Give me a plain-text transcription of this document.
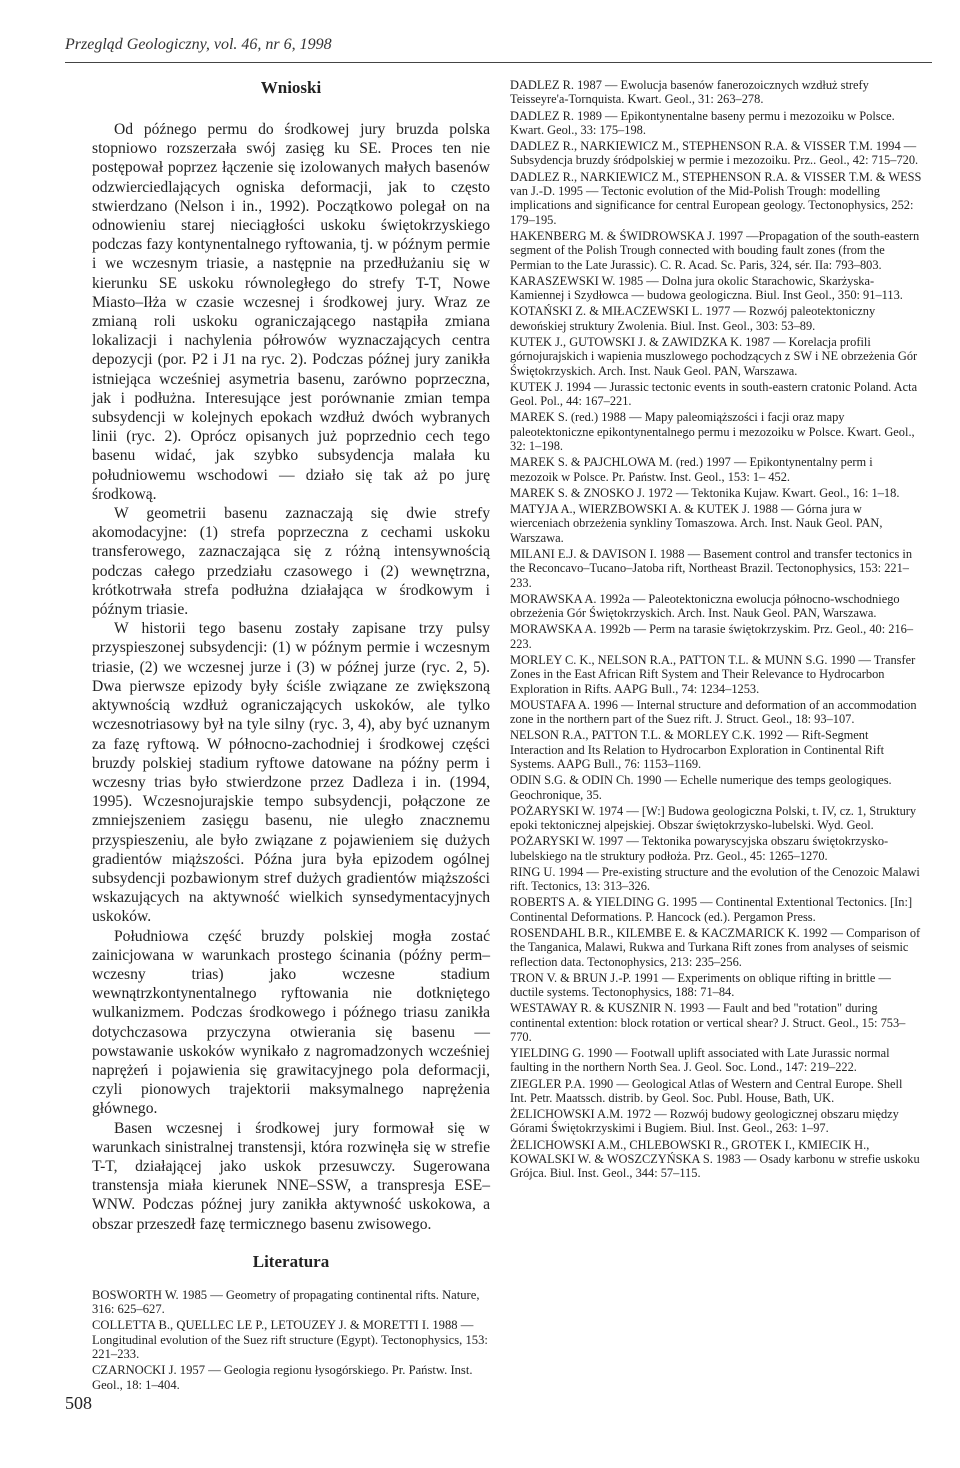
Przegląd Geologiczny, vol. 46, nr 6, 1998
Wnioski

Od późnego permu do środkowej jury bruzda polska stopniowo rozszerzała swój zasięg ku SE. Proces ten nie postępował poprzez łączenie się izolowanych małych basenów odzwierciedlających ogniska deformacji, jak to często stwierdzano (Nelson i in., 1992). Początkowo polegał on na odnowieniu starej nieciągłości uskoku świętokrzyskiego podczas fazy kontynentalnego ryftowania, tj. w późnym permie i we wczesnym triasie, a następnie na przedłużaniu się w kierunku SE uskoku równoległego do strefy T-T, Nowe Miasto–Iłża w czasie wczesnej i środkowej jury. Wraz ze zmianą roli uskoku ograniczającego nastąpiła zmiana lokalizacji i nachylenia półrowów wyznaczających centra depozycji (por. P2 i J1 na ryc. 2). Podczas późnej jury zanikła istniejąca wcześniej asymetria basenu, zarówno poprzeczna, jak i podłużna. Interesujące jest porównanie zmian tempa subsydencji w kolejnych epokach wzdłuż dwóch wybranych linii (ryc. 2). Oprócz opisanych już poprzednio cech tego basenu widać, jak szybko subsydencja malała ku południowemu wschodowi — działo się tak aż po jurę środkową.

W geometrii basenu zaznaczają się dwie strefy akomodacyjne: (1) strefa poprzeczna z cechami uskoku transferowego, zaznaczająca się z różną intensywnością podczas całego przedziału czasowego i (2) wewnętrzna, krótkotrwała strefa podłużna działająca w środkowym i późnym triasie.

W historii tego basenu zostały zapisane trzy pulsy przyspieszonej subsydencji: (1) w późnym permie i wczesnym triasie, (2) we wczesnej jurze i (3) w późnej jurze (ryc. 2, 5). Dwa pierwsze epizody były ściśle związane ze zwiększoną aktywnością wzdłuż ograniczających uskoków, ale tylko wczesnotriasowy był na tyle silny (ryc. 3, 4), aby być uznanym za fazę ryftową. W północno-zachodniej i środkowej części bruzdy polskiej stadium ryftowe datowane na późny perm i wczesny trias było stwierdzone przez Dadleza i in. (1994, 1995). Wczesnojurajskie tempo subsydencji, połączone ze zmniejszeniem zasięgu basenu, nie uległo znacznemu przyspieszeniu, ale było związane z pojawieniem się dużych gradientów miąższości. Późna jura była epizodem ogólnej subsydencji pozbawionym stref dużych gradientów miąższości wskazujących na aktywność wielkich synsedymentacyjnych uskoków.

Południowa część bruzdy polskiej mogła zostać zainicjowana w warunkach prostego ścinania (późny perm– wczesny trias) jako wczesne stadium wewnątrzkontynentalnego ryftowania nie dotkniętego wulkanizmem. Podczas środkowego i późnego triasu zanikła dotychczasowa przyczyna otwierania się basenu — powstawanie uskoków wynikało z nagromadzonych wcześniej naprężeń i pojawienia się grawitacyjnego pola deformacji, czyli pionowych trajektorii maksymalnego naprężenia głównego.

Basen wczesnej i środkowej jury formował się w warunkach sinistralnej transtensji, która rozwinęła się w strefie T-T, działającej jako uskok przesuwczy. Sugerowana transtensja miała kierunek NNE–SSW, a transpresja ESE–WNW. Podczas późnej jury zanikła aktywność uskokowa, a obszar przeszedł fazę termicznego basenu zwisowego.

Literatura

BOSWORTH W. 1985 — Geometry of propagating continental rifts. Nature, 316: 625–627.

COLLETTA B., QUELLEC LE P., LETOUZEY J. & MORETTI I. 1988 — Longitudinal evolution of the Suez rift structure (Egypt). Tectonophysics, 153: 221–233.

CZARNOCKI J. 1957 — Geologia regionu łysogórskiego. Pr. Państw. Inst. Geol., 18: 1–404.

DADLEZ R. 1987 — Ewolucja basenów fanerozoicznych wzdłuż strefy Teisseyre'a-Tornquista. Kwart. Geol., 31: 263–278.

DADLEZ R. 1989 — Epikontynentalne baseny permu i mezozoiku w Polsce. Kwart. Geol., 33: 175–198.

DADLEZ R., NARKIEWICZ M., STEPHENSON R.A. & VISSER T.M. 1994 — Subsydencja bruzdy śródpolskiej w permie i mezozoiku. Prz.. Geol., 42: 715–720.

DADLEZ R., NARKIEWICZ M., STEPHENSON R.A. & VISSER T.M. & WESS van J.-D. 1995 — Tectonic evolution of the Mid-Polish Trough: modelling implications and significance for central European geology. Tectonophysics, 252: 179–195.

HAKENBERG M. & ŚWIDROWSKA J. 1997 —Propagation of the south-eastern segment of the Polish Trough connected with bouding fault zones (from the Permian to the Late Jurassic). C. R. Acad. Sc. Paris, 324, sér. IIa: 793–803.

KARASZEWSKI W. 1985 — Dolna jura okolic Starachowic, Skarżyska-Kamiennej i Szydłowca — budowa geologiczna. Biul. Inst Geol., 350: 91–113.

KOTAŃSKI Z. & MIŁACZEWSKI L. 1977 — Rozwój paleotektoniczny dewońskiej struktury Zwolenia. Biul. Inst. Geol., 303: 53–89.

KUTEK J., GUTOWSKI J. & ZAWIDZKA K. 1987 — Korelacja profili górnojurajskich i wapienia muszlowego pochodzących z SW i NE obrzeżenia Gór Świętokrzyskich. Arch. Inst. Nauk Geol. PAN, Warszawa.

KUTEK J. 1994 — Jurassic tectonic events in south-eastern cratonic Poland. Acta Geol. Pol., 44: 167–221.

MAREK S. (red.) 1988 — Mapy paleomiąższości i facji oraz mapy paleotektoniczne epikontynentalnego permu i mezozoiku w Polsce. Kwart. Geol., 32: 1–198.

MAREK S. & PAJCHLOWA M. (red.) 1997 — Epikontynentalny perm i mezozoik w Polsce. Pr. Państw. Inst. Geol., 153: 1– 452.

MAREK S. & ZNOSKO J. 1972 — Tektonika Kujaw. Kwart. Geol., 16: 1–18.

MATYJA A., WIERZBOWSKI A. & KUTEK J. 1988 — Górna jura w wierceniach obrzeżenia synkliny Tomaszowa. Arch. Inst. Nauk Geol. PAN, Warszawa.

MILANI E.J. & DAVISON I. 1988 — Basement control and transfer tectonics in the Reconcavo–Tucano–Jatoba rift, Northeast Brazil. Tectonophysics, 153: 221–233.

MORAWSKA A. 1992a — Paleotektoniczna ewolucja północno-wschodniego obrzeżenia Gór Świętokrzyskich. Arch. Inst. Nauk Geol. PAN, Warszawa.

MORAWSKA A. 1992b — Perm na tarasie świętokrzyskim. Prz. Geol., 40: 216–223.

MORLEY C. K., NELSON R.A., PATTON T.L. & MUNN S.G. 1990 — Transfer Zones in the East African Rift System and Their Relevance to Hydrocarbon Exploration in Rifts. AAPG Bull., 74: 1234–1253.

MOUSTAFA A. 1996 — Internal structure and deformation of an accommodation zone in the northern part of the Suez rift. J. Struct. Geol., 18: 93–107.

NELSON R.A., PATTON T.L. & MORLEY C.K. 1992 — Rift-Segment Interaction and Its Relation to Hydrocarbon Exploration in Continental Rift Systems. AAPG Bull., 76: 1153–1169.

ODIN S.G. & ODIN Ch. 1990 — Echelle numerique des temps geologiques. Geochronique, 35.

POŻARYSKI W. 1974 — [W:] Budowa geologiczna Polski, t. IV, cz. 1, Struktury epoki tektonicznej alpejskiej. Obszar świętokrzysko-lubelski. Wyd. Geol.

POŻARYSKI W. 1997 — Tektonika powaryscyjska obszaru świętokrzysko-lubelskiego na tle struktury podłoża. Prz. Geol., 45: 1265–1270.

RING U. 1994 — Pre-existing structure and the evolution of the Cenozoic Malawi rift. Tectonics, 13: 313–326.

ROBERTS A. & YIELDING G. 1995 — Continental Extentional Tectonics. [In:] Continental Deformations. P. Hancock (ed.). Pergamon Press.

ROSENDAHL B.R., KILEMBE E. & KACZMARICK K. 1992 — Comparison of the Tanganica, Malawi, Rukwa and Turkana Rift zones from analyses of seismic reflection data. Tectonophysics, 213: 235–256.

TRON V. & BRUN J.-P. 1991 — Experiments on oblique rifting in brittle — ductile systems. Tectonophysics, 188: 71–84.

WESTAWAY R. & KUSZNIR N. 1993 — Fault and bed "rotation" during continental extention: block rotation or vertical shear? J. Struct. Geol., 15: 753–770.

YIELDING G. 1990 — Footwall uplift associated with Late Jurassic normal faulting in the northern North Sea. J. Geol. Soc. Lond., 147: 219–222.

ZIEGLER P.A. 1990 — Geological Atlas of Western and Central Europe. Shell Int. Petr. Maatssch. distrib. by Geol. Soc. Publ. House, Bath, UK.

ŻELICHOWSKI A.M. 1972 — Rozwój budowy geologicznej obszaru między Górami Świętokrzyskimi i Bugiem. Biul. Inst. Geol., 263: 1–97.

ŻELICHOWSKI A.M., CHLEBOWSKI R., GROTEK I., KMIECIK H., KOWALSKI W. & WOSZCZYŃSKA S. 1983 — Osady karbonu w strefie uskoku Grójca. Biul. Inst. Geol., 344: 57–115.

508
